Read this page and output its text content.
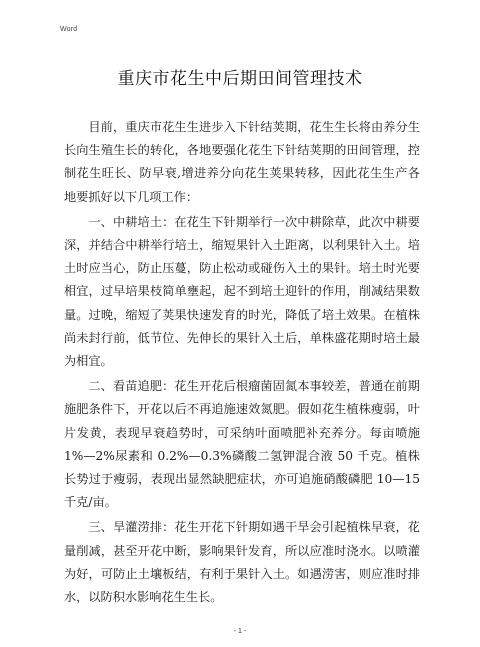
Word
重庆市花生中后期田间管理技术

目前，重庆市花生生进步入下针结荚期，花生生长将由养分生长向生殖生长的转化，各地要强化花生下针结荚期的田间管理，控制花生旺长、防早衰,增进养分向花生荚果转移，因此花生生产各地要抓好以下几项工作：

一、中耕培土：在花生下针期举行一次中耕除草，此次中耕要深，并结合中耕举行培土，缩短果针入土距离，以利果针入土。培土时应当心，防止压蔓，防止松动或碰伤入土的果针。培土时光要相宜，过早培果枝简单壅起，起不到培土迎针的作用，削减结果数量。过晚，缩短了荚果快速发育的时光，降低了培土效果。在植株尚未封行前，低节位、先伸长的果针入土后，单株盛花期时培土最为相宜。

二、看苗追肥：花生开花后根瘤菌固氮本事较差，普通在前期施肥条件下，开花以后不再追施速效氮肥。假如花生植株瘦弱，叶片发黄，表现早衰趋势时，可采纳叶面喷肥补充养分。每亩喷施 1%—2%尿素和 0.2%—0.3%磷酸二氢钾混合液 50 千克。植株长势过于瘦弱，表现出显然缺肥症状，亦可追施硝酸磷肥 10—15 千克/亩。

三、旱灌涝排：花生开花下针期如遇干旱会引起植株早衰，花量削减，甚至开花中断，影响果针发育，所以应准时浇水。以喷灌为好，可防止土壤板结，有利于果针入土。如遇涝害，则应准时排水，以防积水影响花生生长。

- 1 -
